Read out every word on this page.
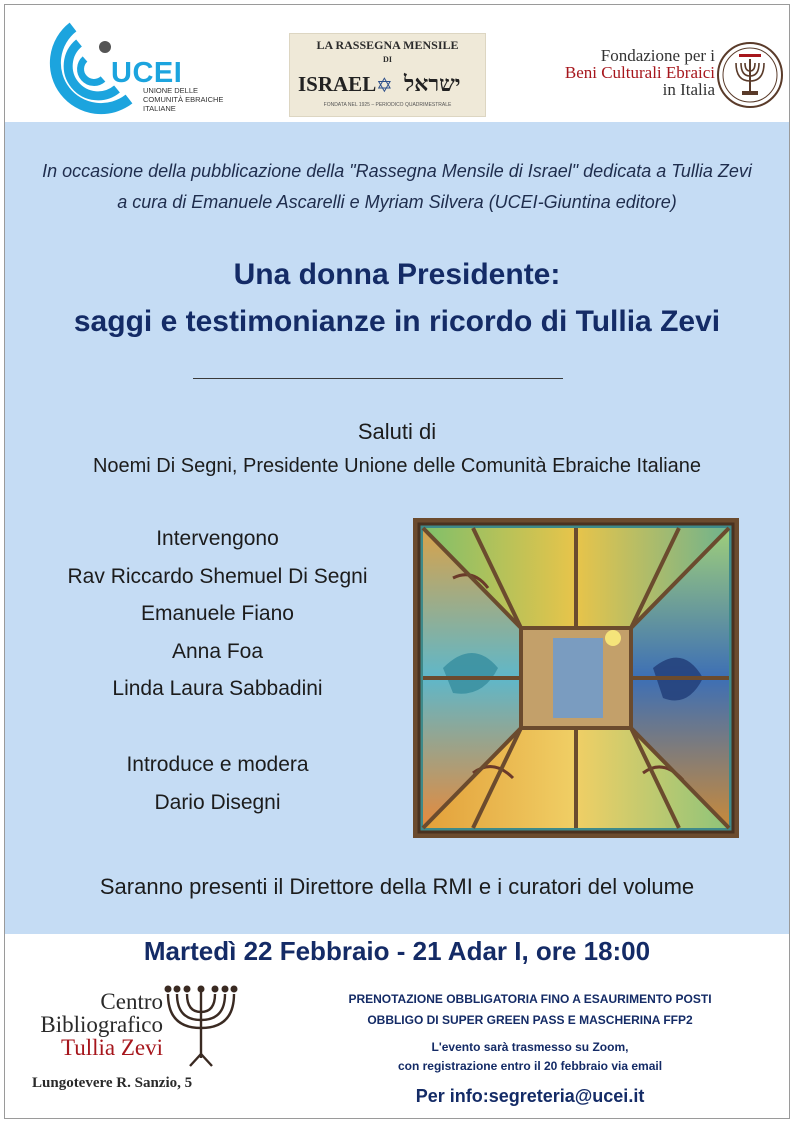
UCEI
UNIONE DELLE
COMUNITÀ EBRAICHE
ITALIANE
LA RASSEGNA MENSILE
DI
ISRAEL ✡ ישראל
FONDATA NEL 1925 – PERIODICO QUADRIMESTRALE
Fondazione per i
Beni Culturali Ebraici
in Italia
In occasione della pubblicazione della "Rassegna Mensile di Israel" dedicata a Tullia Zevi
a cura di Emanuele Ascarelli e Myriam Silvera (UCEI-Giuntina editore)
Una donna Presidente:
saggi e testimonianze in ricordo di Tullia Zevi
Saluti di
Noemi Di Segni, Presidente Unione delle Comunità Ebraiche Italiane
Intervengono
Rav Riccardo Shemuel Di Segni
Emanuele Fiano
Anna Foa
Linda Laura Sabbadini
Introduce e modera
Dario Disegni
Saranno presenti il Direttore della RMI e i curatori del volume
Martedì 22 Febbraio - 21 Adar I, ore 18:00
Centro
Bibliografico
Tullia Zevi
Lungotevere R. Sanzio, 5
PRENOTAZIONE OBBLIGATORIA FINO A ESAURIMENTO POSTI
OBBLIGO DI SUPER GREEN PASS E MASCHERINA FFP2
L'evento sarà trasmesso su Zoom,
con registrazione entro il 20 febbraio via email
Per info:segreteria@ucei.it
